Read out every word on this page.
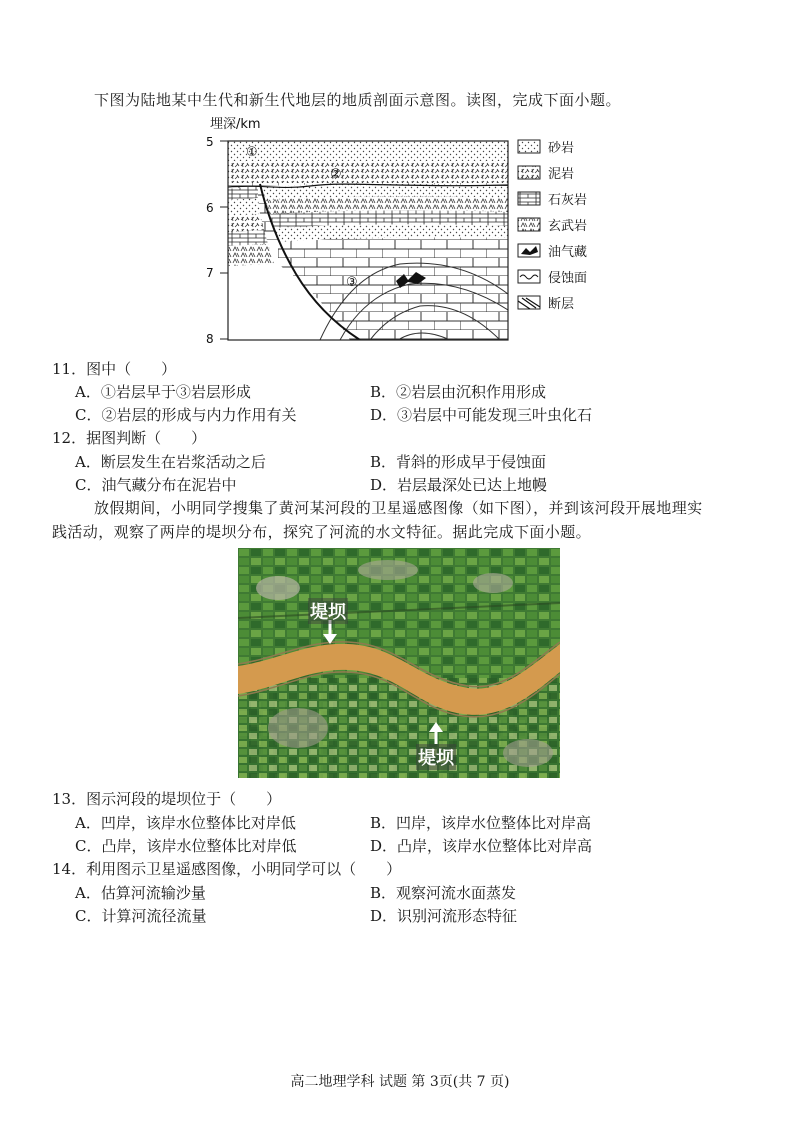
下图为陆地某中生代和新生代地层的地质剖面示意图。读图，完成下面小题。
埋深/km
5
6
7
8
①
②
③
砂岩
泥岩
石灰岩
玄武岩
油气藏
侵蚀面
断层
11．图中（　　）
A．①岩层早于③岩层形成	B．②岩层由沉积作用形成
C．②岩层的形成与内力作用有关	D．③岩层中可能发现三叶虫化石
12．据图判断（　　）
A．断层发生在岩浆活动之后	B．背斜的形成早于侵蚀面
C．油气藏分布在泥岩中	D．岩层最深处已达上地幔
放假期间，小明同学搜集了黄河某河段的卫星遥感图像（如下图），并到该河段开展地理实
践活动，观察了两岸的堤坝分布，探究了河流的水文特征。据此完成下面小题。
堤坝
堤坝
13．图示河段的堤坝位于（　　）
A．凹岸，该岸水位整体比对岸低	B．凹岸，该岸水位整体比对岸高
C．凸岸，该岸水位整体比对岸低	D．凸岸，该岸水位整体比对岸高
14．利用图示卫星遥感图像，小明同学可以（　　）
A．估算河流输沙量	B．观察河流水面蒸发
C．计算河流径流量	D．识别河流形态特征
高二地理学科 试题 第 3页(共 7 页)
